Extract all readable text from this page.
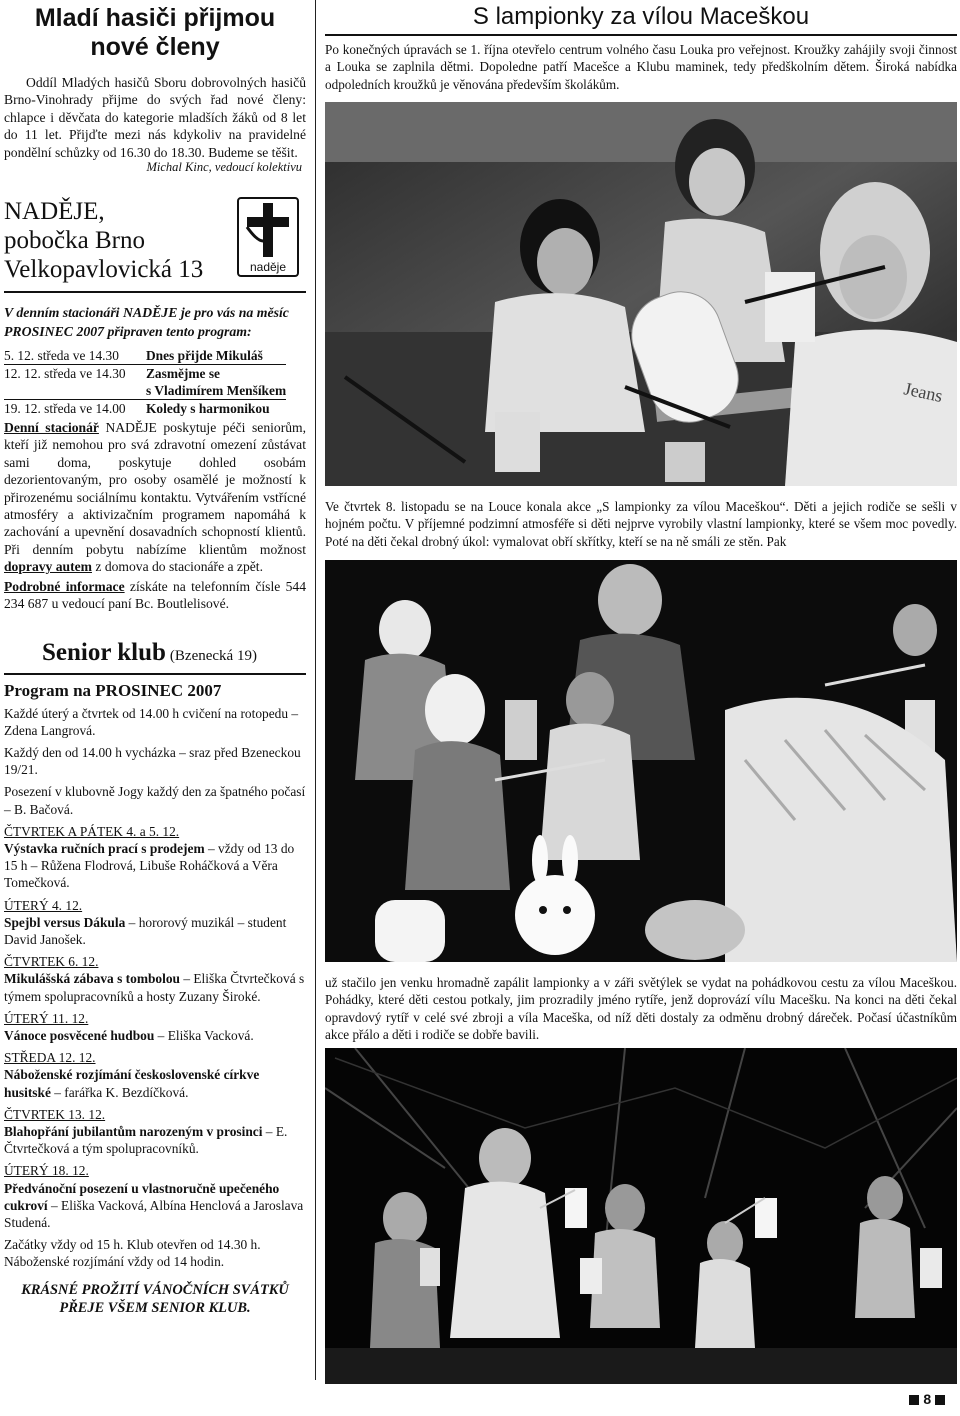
Mladí hasiči přijmou
nové členy

Oddíl Mladých hasičů Sboru dobrovolných hasičů Brno-Vinohrady přijme do svých řad nové členy: chlapce i děvčata do kategorie mladších žáků od 8 let do 11 let. Přijďte mezi nás kdykoliv na pravidelné pondělní schůzky od 16.30 do 18.30. Budeme se těšit.

Michal Kinc, vedoucí kolektivu

NADĚJE,

pobočka Brno

Velkopavlovická 13	naděje

V denním stacionáři NADĚJE je pro vás na měsíc PROSINEC 2007 připraven tento program:

5. 12. středa ve 14.30	Dnes přijde Mikuláš
12. 12. středa ve 14.30	Zasmějme se
	s Vladimírem Menšíkem
19. 12. středa ve 14.00	Koledy s harmonikou

Denní stacionář NADĚJE poskytuje péči seniorům, kteří již nemohou pro svá zdravotní omezení zůstávat sami doma, poskytuje dohled osobám dezorientovaným, pro osoby osamělé je možností k přirozenému sociálnímu kontaktu. Vytvářením vstřícné atmosféry a aktivizačním programem napomáhá k zachování a upevnění dosavadních schopností klientů. Při denním pobytu nabízíme klientům možnost dopravy autem z domova do stacionáře a zpět.

Podrobné informace získáte na telefonním čísle 544 234 687 u vedoucí paní Bc. Boutlelisové.

Senior klub (Bzenecká 19)
Program na PROSINEC 2007

Každé úterý a čtvrtek od 14.00 h cvičení na rotopedu – Zdena Langrová.

Každý den od 14.00 h vycházka – sraz před Bzeneckou 19/21.

Posezení v klubovně Jogy každý den za špatného počasí – B. Bačová.

ČTVRTEK A PÁTEK 4. a 5. 12.
Výstavka ručních prací s prodejem – vždy od 13 do 15 h – Růžena Flodrová, Libuše Roháčková a Věra Tomečková.

ÚTERÝ 4. 12.
Spejbl versus Dákula – hororový muzikál – student David Janošek.

ČTVRTEK 6. 12.
Mikulášská zábava s tombolou – Eliška Čtvrtečková s týmem spolupracovníků a hosty Zuzany Široké.

ÚTERÝ 11. 12.
Vánoce posvěcené hudbou – Eliška Vacková.

STŘEDA 12. 12.
Náboženské rozjímání československé církve husitské – farářka K. Bezdíčková.

ČTVRTEK 13. 12.
Blahopřání jubilantům narozeným v prosinci – E. Čtvrtečková a tým spolupracovníků.

ÚTERÝ 18. 12.
Předvánoční posezení u vlastnoručně upečeného cukroví – Eliška Vacková, Albína Henclová a Jaroslava Studená.

Začátky vždy od 15 h. Klub otevřen od 14.30 h.

Náboženské rozjímání vždy od 14 hodin.

KRÁSNÉ PROŽITÍ VÁNOČNÍCH SVÁTKŮ
PŘEJE VŠEM SENIOR KLUB.
S lampionky za vílou Maceškou

Po konečných úpravách se 1. října otevřelo centrum volného času Louka pro veřejnost. Kroužky zahájily svoji činnost a Louka se zaplnila dětmi. Dopoledne patří Macešce a Klubu maminek, tedy předškolním dětem. Široká nabídka odpoledních kroužků je věnována především školákům.

Jeans

Ve čtvrtek 8. listopadu se na Louce konala akce „S lampionky za vílou Maceškou“. Děti a jejich rodiče se sešli v hojném počtu. V příjemné podzimní atmosféře si děti nejprve vyrobily vlastní lampionky, které se všem moc povedly. Poté na děti čekal drobný úkol: vymalovat obří skřítky, kteří se na ně smáli ze stěn. Pak

už stačilo jen venku hromadně zapálit lampionky a v záři světýlek se vydat na pohádkovou cestu za vílou Maceškou. Pohádky, které děti cestou potkaly, jim prozradily jméno rytíře, jenž doprovází vílu Macešku. Na konci na děti čekal opravdový rytíř v celé své zbroji a víla Maceška, od níž děti dostaly za odměnu drobný dáreček. Počasí účastníkům akce přálo a děti i rodiče se dobře bavili.

8
